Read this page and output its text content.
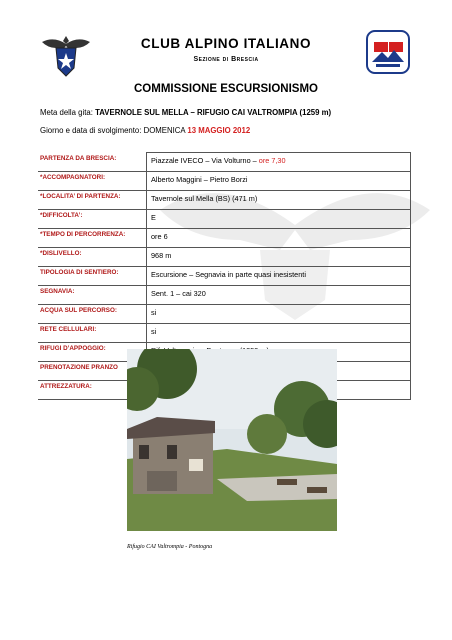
CLUB ALPINO ITALIANO
Sezione di Brescia
COMMISSIONE ESCURSIONISMO
Meta della gita: TAVERNOLE SUL MELLA – RIFUGIO CAI VALTROMPIA (1259 m)
Giorno e data di svolgimento: DOMENICA 13 MAGGIO 2012
PARTENZA DA BRESCIA:	Piazzale IVECO – Via Volturno – ore 7,30
*ACCOMPAGNATORI:	Alberto Maggini – Pietro Borzi
*LOCALITA’ DI PARTENZA:	Tavernole sul Mella (BS) (471 m)
*DIFFICOLTA’:	E
*TEMPO DI PERCORRENZA:	ore 6
*DISLIVELLO:	968 m
TIPOLOGIA DI SENTIERO:	Escursione – Segnavia in parte quasi inesistenti
SEGNAVIA:	Sent. 1 – cai 320
ACQUA SUL PERCORSO:	si
RETE CELLULARI:	si
RIFUGI D’APPOGGIO:	
PRENOTAZIONE PRANZO	
ATTREZZATURA:	
Rifugio CAI Valtrompia - Pontogna
